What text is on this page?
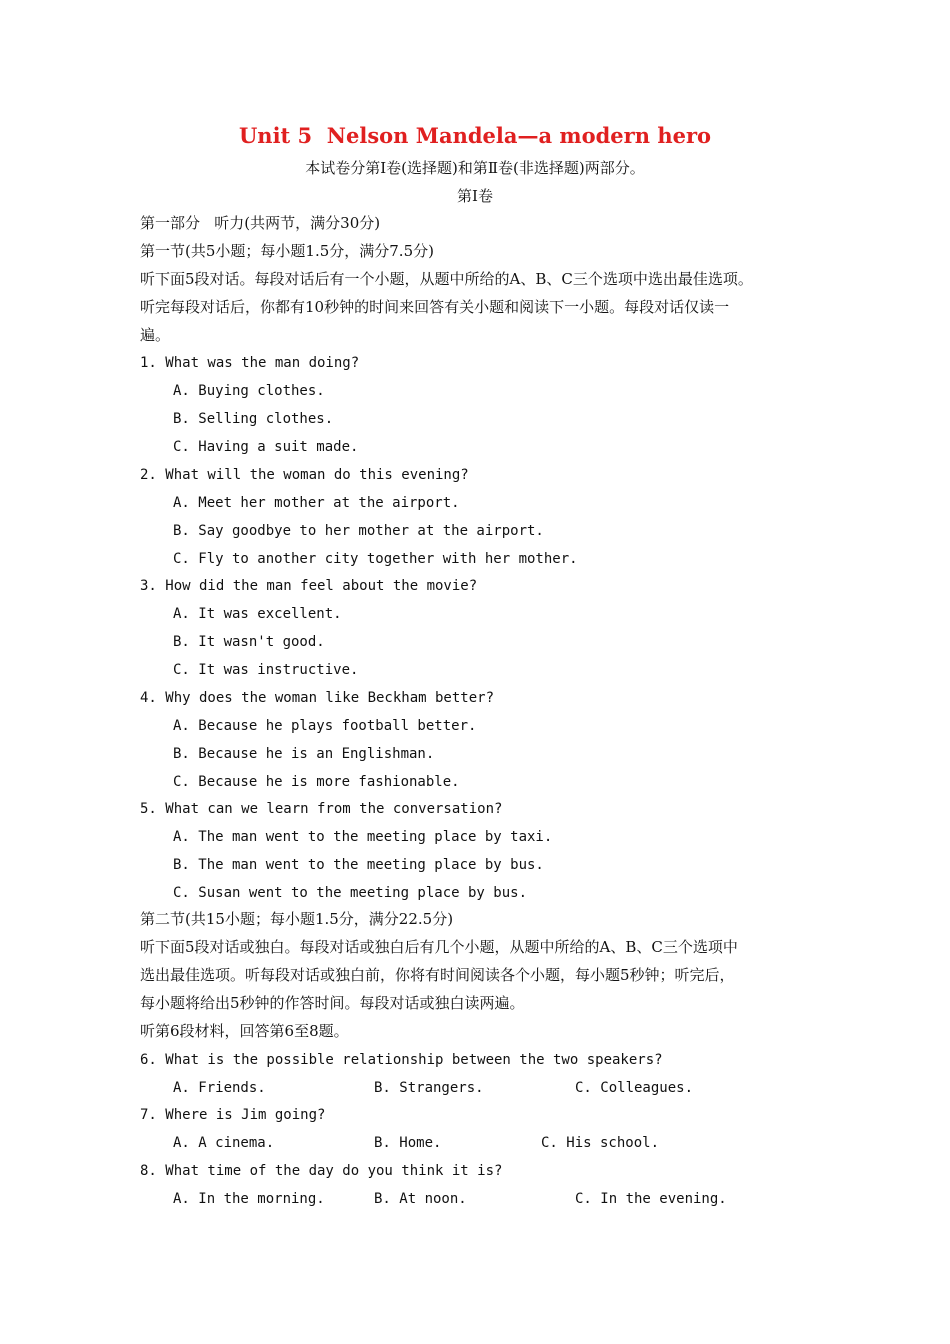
Unit 5  Nelson Mandela—a modern hero
本试卷分第Ⅰ卷(选择题)和第Ⅱ卷(非选择题)两部分。
第Ⅰ卷
第一部分   听力(共两节，满分30分)
第一节(共5小题；每小题1.5分，满分7.5分)
听下面5段对话。每段对话后有一个小题，从题中所给的A、B、C三个选项中选出最佳选项。
听完每段对话后，你都有10秒钟的时间来回答有关小题和阅读下一小题。每段对话仅读一
遍。
1. What was the man doing?
A. Buying clothes.
B. Selling clothes.
C. Having a suit made.
2. What will the woman do this evening?
A. Meet her mother at the airport.
B. Say goodbye to her mother at the airport.
C. Fly to another city together with her mother.
3. How did the man feel about the movie?
A. It was excellent.
B. It wasn't good.
C. It was instructive.
4. Why does the woman like Beckham better?
A. Because he plays football better.
B. Because he is an Englishman.
C. Because he is more fashionable.
5. What can we learn from the conversation?
A. The man went to the meeting place by taxi.
B. The man went to the meeting place by bus.
C. Susan went to the meeting place by bus.
第二节(共15小题；每小题1.5分，满分22.5分)
听下面5段对话或独白。每段对话或独白后有几个小题，从题中所给的A、B、C三个选项中
选出最佳选项。听每段对话或独白前，你将有时间阅读各个小题，每小题5秒钟；听完后，
每小题将给出5秒钟的作答时间。每段对话或独白读两遍。
听第6段材料，回答第6至8题。
6. What is the possible relationship between the two speakers?
A. Friends.	B. Strangers.	C. Colleagues.
7. Where is Jim going?
A. A cinema.	B. Home.	C. His school.
8. What time of the day do you think it is?
A. In the morning.	B. At noon.	C. In the evening.
